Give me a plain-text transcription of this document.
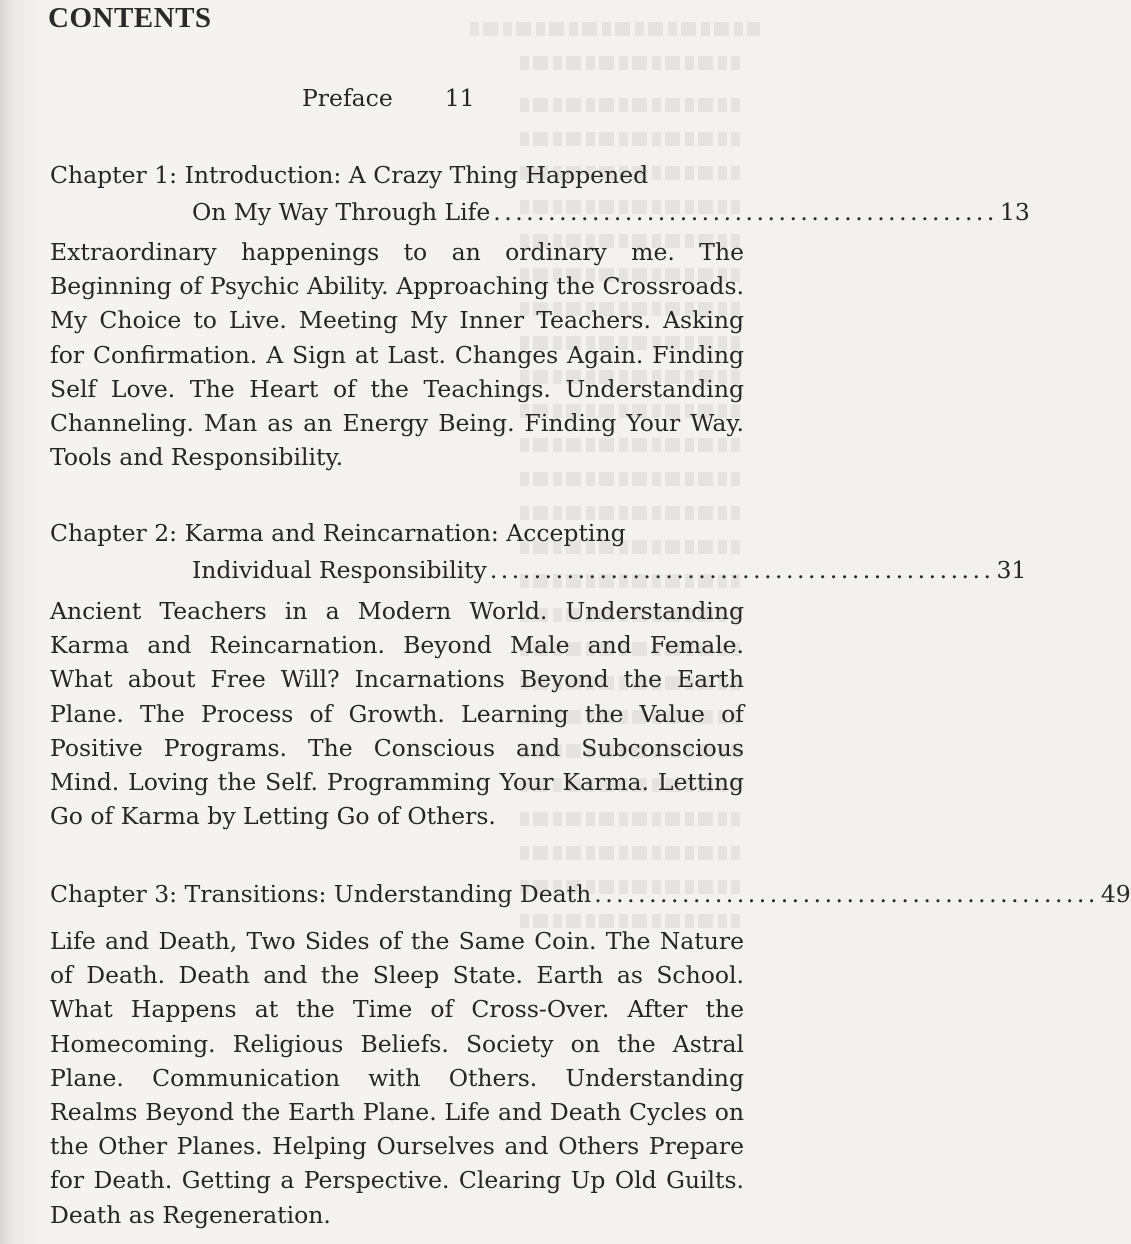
CONTENTS
Preface 11
Chapter 1: Introduction: A Crazy Thing Happened
On My Way Through Life .............................................. 13

Extraordinary happenings to an ordinary me. The Beginning of Psychic Ability. Approaching the Crossroads. My Choice to Live. Meeting My Inner Teachers. Asking for Confirmation. A Sign at Last. Changes Again. Finding Self Love. The Heart of the Teachings. Understanding Channeling. Man as an Energy Being. Finding Your Way. Tools and Responsibility.

Chapter 2: Karma and Reincarnation: Accepting
Individual Responsibility .............................................. 31

Ancient Teachers in a Modern World. Understanding Karma and Reincarnation. Beyond Male and Female. What about Free Will? Incarnations Beyond the Earth Plane. The Process of Growth. Learning the Value of Positive Programs. The Conscious and Subconscious Mind. Loving the Self. Programming Your Karma. Letting Go of Karma by Letting Go of Others.

Chapter 3:
Transitions: Understanding Death .............................................. 49

Life and Death, Two Sides of the Same Coin. The Nature of Death. Death and the Sleep State. Earth as School. What Happens at the Time of Cross-Over. After the Homecoming. Religious Beliefs. Society on the Astral Plane. Communication with Others. Understanding Realms Beyond the Earth Plane. Life and Death Cycles on the Other Planes. Helping Ourselves and Others Prepare for Death. Getting a Perspective. Clearing Up Old Guilts. Death as Regeneration.
